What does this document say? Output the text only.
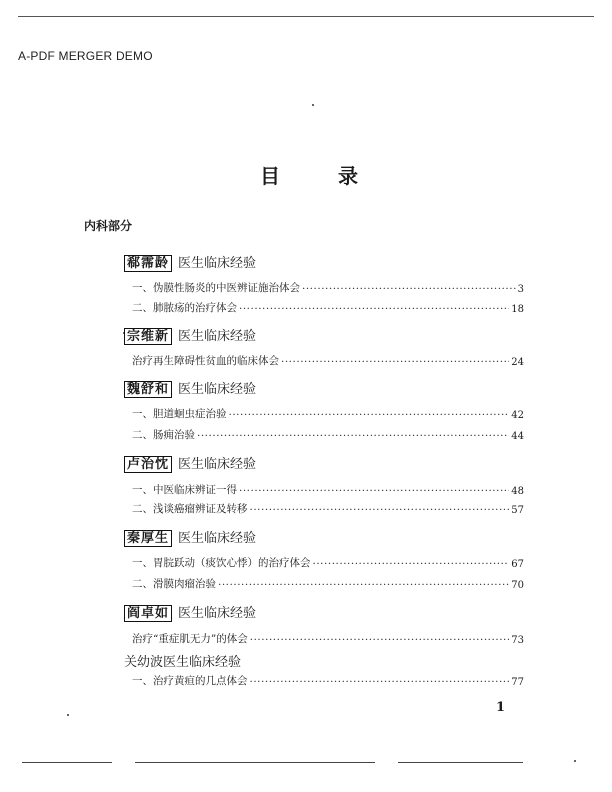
A-PDF MERGER DEMO
目	录
内科部分
郗霈龄 医生临床经验
一、伪膜性肠炎的中医辨证施治体会 ·····	3
二、肺脓疡的治疗体会 ·····	18
宗维新 医生临床经验
治疗再生障碍性贫血的临床体会 ·····	24
魏舒和 医生临床经验
一、胆道蛔虫症治验 ·····	42
二、肠痈治验 ·····	44
卢治忱 医生临床经验
一、中医临床辨证一得 ·····	48
二、浅谈癌瘤辨证及转移 ·····	57
秦厚生 医生临床经验
一、胃脘跃动（痰饮心悸）的治疗体会 ·····	67
二、滑膜肉瘤治验 ·····	70
阎卓如 医生临床经验
治疗“重症肌无力”的体会 ·····	73
关幼波医生临床经验
一、治疗黄疸的几点体会 ·····	77
1
